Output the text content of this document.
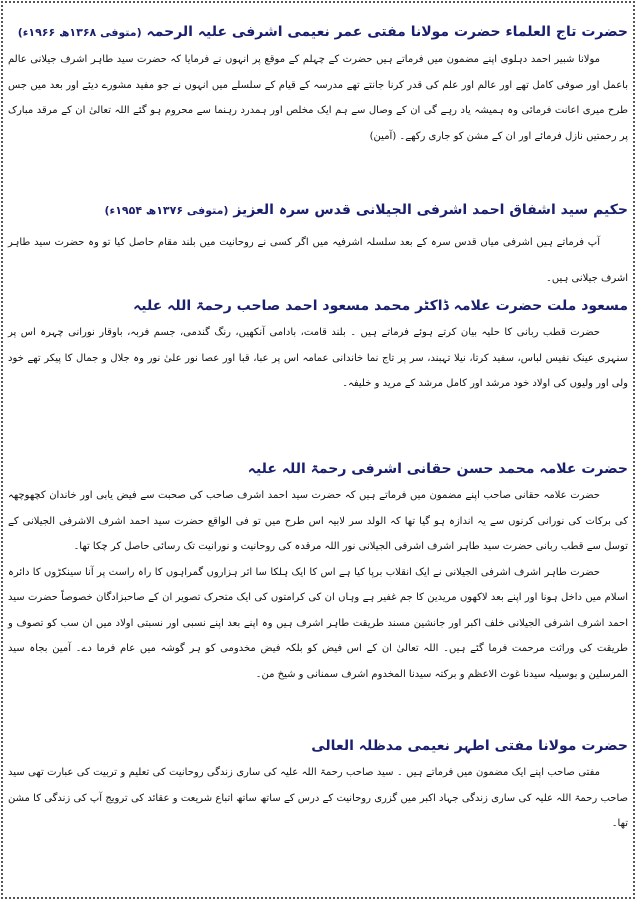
حضرت تاج العلماء حضرت مولانا مفتی عمر نعیمی اشرفی علیہ الرحمہ (متوفی ۱۳۶۸ھ ۱۹۶۶ء)

مولانا شبیر احمد دہلوی اپنے مضمون میں فرماتے ہیں حضرت کے چہلم کے موقع پر انہوں نے فرمایا کہ حضرت سید طاہر اشرف جیلانی عالم باعمل اور صوفی کامل تھے اور عالم اور علم کی قدر کرنا جانتے تھے مدرسہ کے قیام کے سلسلے میں انہوں نے جو مفید مشورے دیئے اور بعد میں جس طرح میری اعانت فرمائی وہ ہمیشہ یاد رہے گی ان کے وصال سے ہم ایک مخلص اور ہمدرد رہنما سے محروم ہو گئے اللہ تعالیٰ ان کے مرقد مبارک پر رحمتیں نازل فرمائے اور ان کے مشن کو جاری رکھے۔ (آمین)

حکیم سید اشفاق احمد اشرفی الجیلانی قدس سرہ العزیز (متوفی ۱۳۷۶ھ ۱۹۵۴ء)

آپ فرماتے ہیں اشرفی میاں قدس سرہ کے بعد سلسلہ اشرفیہ میں اگر کسی نے روحانیت میں بلند مقام حاصل کیا تو وہ حضرت سید طاہر اشرف جیلانی ہیں۔

مسعود ملت حضرت علامہ ڈاکٹر محمد مسعود احمد صاحب رحمۃ اللہ علیہ

حضرت قطب ربانی کا حلیہ بیان کرتے ہوئے فرماتے ہیں ۔ بلند قامت، بادامی آنکھیں، رنگ گندمی، جسم فربہ، باوقار نورانی چہرہ اس پر سنہری عینک نفیس لباس، سفید کرتا، نیلا تہبند، سر پر تاج نما خاندانی عمامہ اس پر عبا، قبا اور عصا نور علیٰ نور وہ جلال و جمال کا پیکر تھے خود ولی اور ولیوں کی اولاد خود مرشد اور کامل مرشد کے مرید و خلیفہ۔

حضرت علامہ محمد حسن حقانی اشرفی رحمۃ اللہ علیہ

حضرت علامہ حقانی صاحب اپنے مضمون میں فرماتے ہیں کہ حضرت سید احمد اشرف صاحب کی صحبت سے فیض یابی اور خاندان کچھوچھہ کی برکات کی نورانی کرنوں سے یہ اندازہ ہو گیا تھا کہ الولد سر لابیہ اس طرح میں تو فی الواقع حضرت سید احمد اشرف الاشرفی الجیلانی کے توسل سے قطب ربانی حضرت سید طاہر اشرف اشرفی الجیلانی نور اللہ مرقدہ کی روحانیت و نورانیت تک رسائی حاصل کر چکا تھا۔

حضرت طاہر اشرف اشرفی الجیلانی نے ایک انقلاب برپا کیا ہے اس کا ایک ہلکا سا اثر ہزاروں گمراہوں کا راہ راست پر آنا سینکڑوں کا دائرہ اسلام میں داخل ہونا اور اپنے بعد لاکھوں مریدین کا جم غفیر ہے وہاں ان کی کرامتوں کی ایک متحرک تصویر ان کے صاحبزادگان خصوصاً حضرت سید احمد اشرف اشرفی الجیلانی خلف اکبر اور جانشین مسند طریقت طاہر اشرف ہیں وہ اپنے بعد اپنے نسبی اور نسبتی اولاد میں ان سب کو تصوف و طریقت کی وراثت مرحمت فرما گئے ہیں۔ اللہ تعالیٰ ان کے اس فیض کو بلکہ فیض مخدومی کو ہر گوشہ میں عام فرما دے۔ آمین بجاہ سید المرسلین و بوسیلہ سیدنا غوث الاعظم و برکتہ سیدنا المخدوم اشرف سمنانی و شیخ من۔

حضرت مولانا مفتی اطہر نعیمی مدظلہ العالی

مفتی صاحب اپنے ایک مضمون میں فرماتے ہیں ۔ سید صاحب رحمۃ اللہ علیہ کی ساری زندگی روحانیت کی تعلیم و تربیت کی عبارت تھی سید صاحب رحمۃ اللہ علیہ کی ساری زندگی جہاد اکبر میں گزری روحانیت کے درس کے ساتھ ساتھ اتباع شریعت و عقائد کی ترویج آپ کی زندگی کا مشن تھا۔
